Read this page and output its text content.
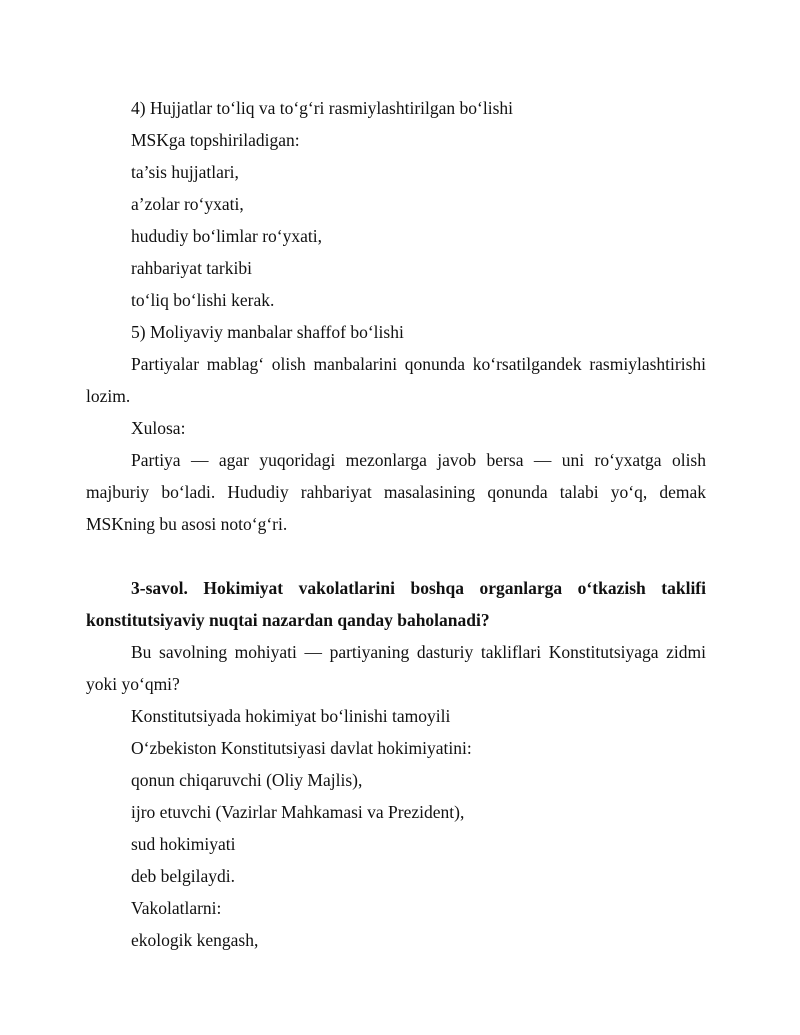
4) Hujjatlar to‘liq va to‘g‘ri rasmiylashtirilgan bo‘lishi
MSKga topshiriladigan:
ta’sis hujjatlari,
a’zolar ro‘yxati,
hududiy bo‘limlar ro‘yxati,
rahbariyat tarkibi
to‘liq bo‘lishi kerak.
5) Moliyaviy manbalar shaffof bo‘lishi
Partiyalar mablag‘ olish manbalarini qonunda ko‘rsatilgandek rasmiylashtirishi lozim.
Xulosa:
Partiya — agar yuqoridagi mezonlarga javob bersa — uni ro‘yxatga olish majburiy bo‘ladi. Hududiy rahbariyat masalasining qonunda talabi yo‘q, demak MSKning bu asosi noto‘g‘ri.
3-savol. Hokimiyat vakolatlarini boshqa organlarga o‘tkazish taklifi konstitutsiyaviy nuqtai nazardan qanday baholanadi?
Bu savolning mohiyati — partiyaning dasturiy takliflari Konstitutsiyaga zidmi yoki yo‘qmi?
Konstitutsiyada hokimiyat bo‘linishi tamoyili
O‘zbekiston Konstitutsiyasi davlat hokimiyatini:
qonun chiqaruvchi (Oliy Majlis),
ijro etuvchi (Vazirlar Mahkamasi va Prezident),
sud hokimiyati
deb belgilaydi.
Vakolatlarni:
ekologik kengash,
